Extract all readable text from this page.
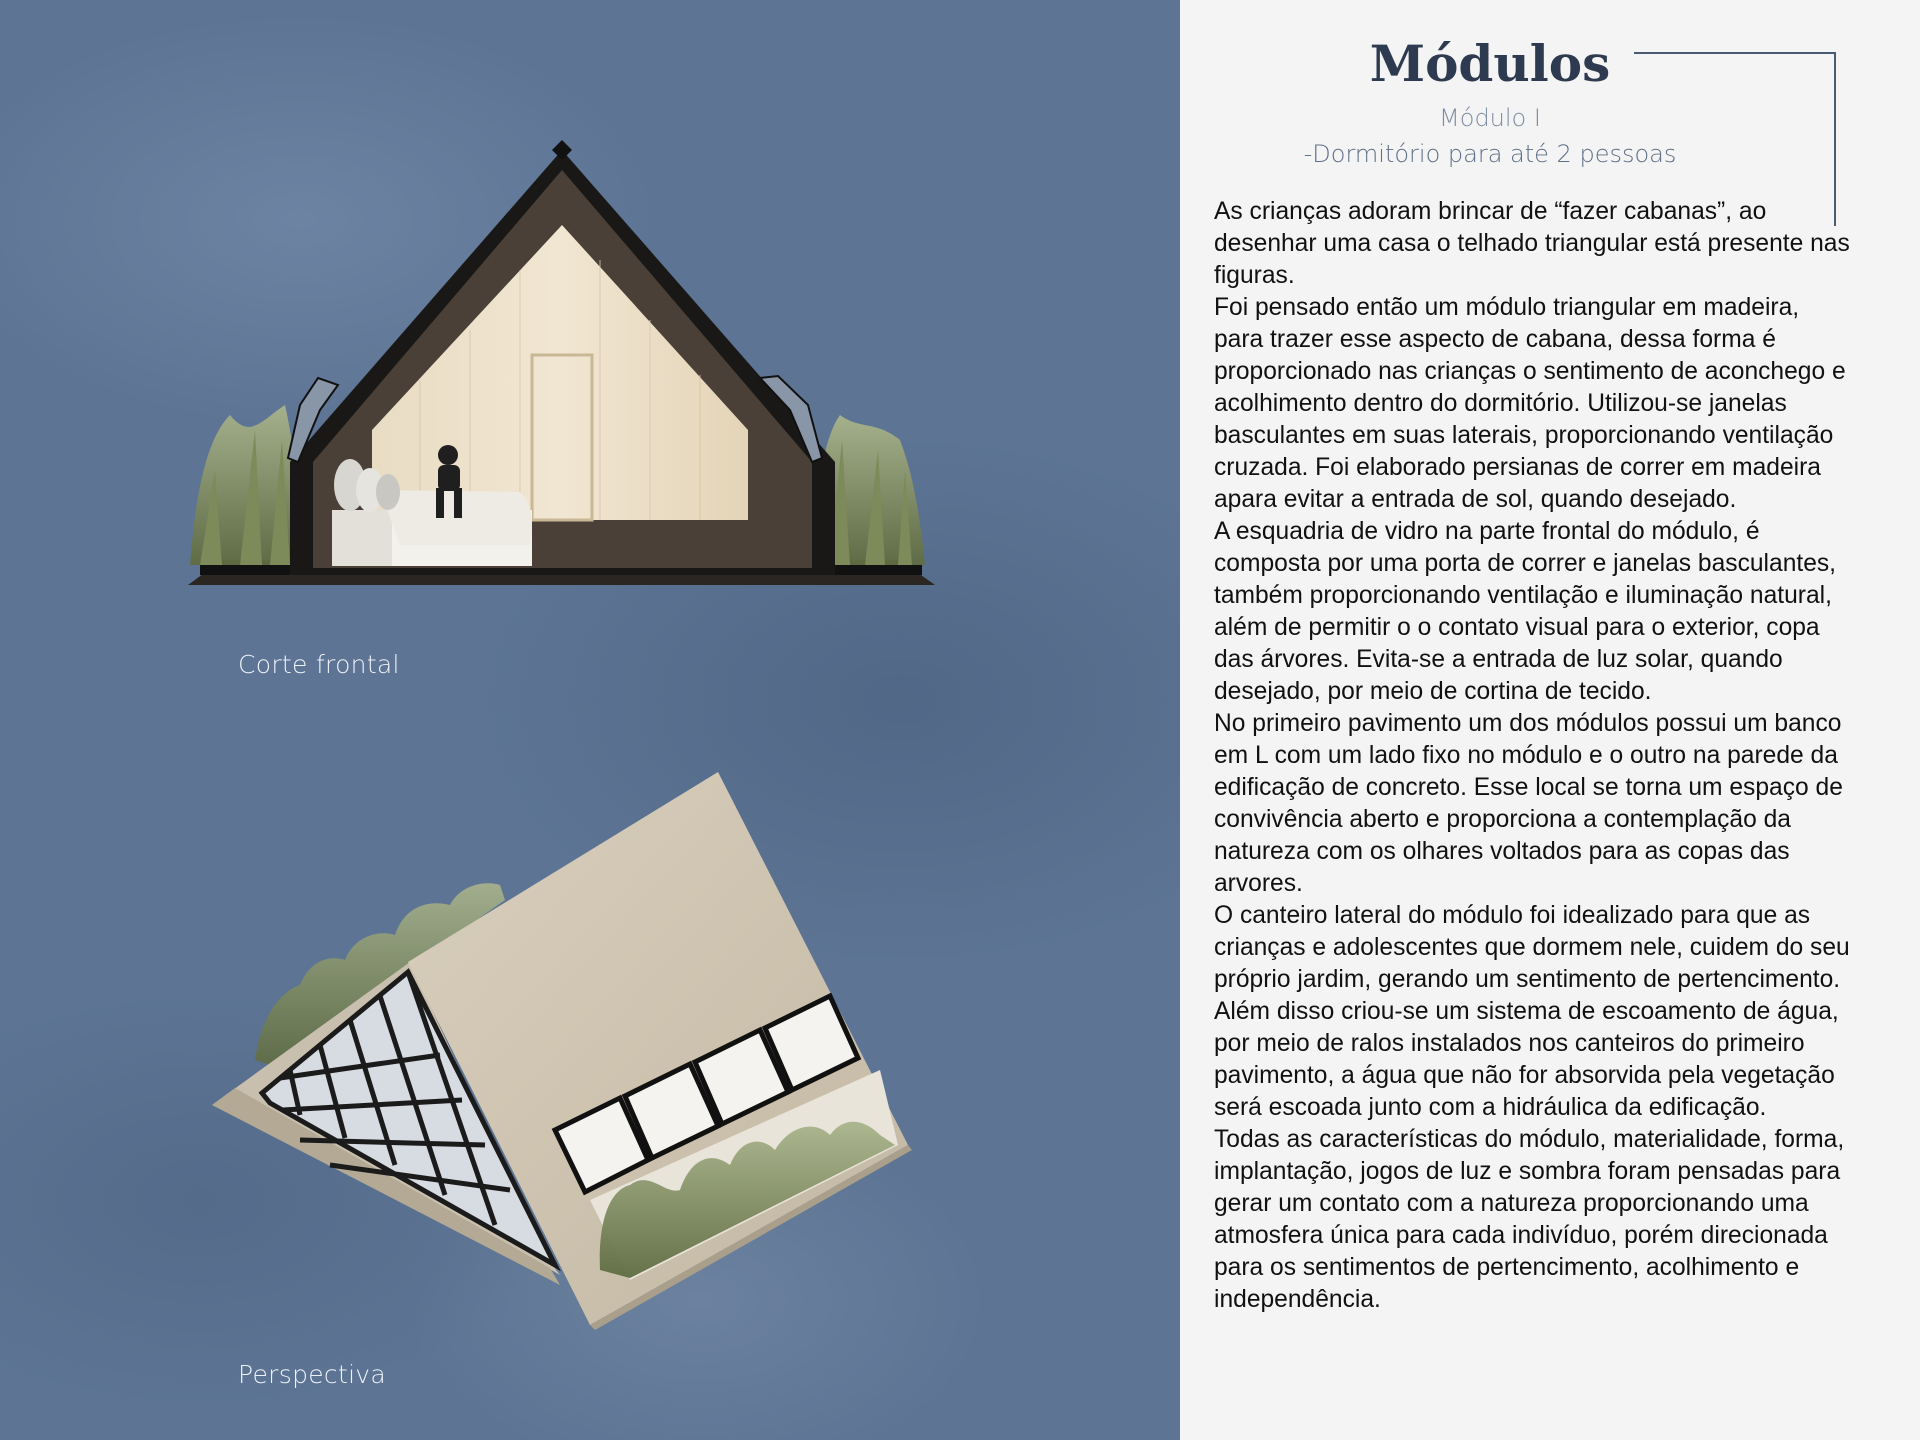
Corte frontal
Perspectiva
Módulos
Módulo I
-Dormitório para até 2 pessoas

As crianças adoram brincar de “fazer cabanas”, ao desenhar uma casa o telhado triangular está presente nas figuras.

Foi pensado então um módulo triangular em madeira, para trazer esse aspecto de cabana, dessa forma é proporcionado nas crianças o sentimento de aconchego e acolhimento dentro do dormitório. Utilizou-se janelas basculantes em suas laterais, proporcionando ventilação cruzada. Foi elaborado persianas de correr em madeira apara evitar a entrada de sol, quando desejado.

A esquadria de vidro na parte frontal do módulo, é composta por uma porta de correr e janelas basculantes, também proporcionando ventilação e iluminação natural, além de permitir o o contato visual para o exterior, copa das árvores. Evita-se a entrada de luz solar, quando desejado, por meio de cortina de tecido.

No primeiro pavimento um dos módulos possui um banco em L com um lado fixo no módulo e o outro na parede da edificação de concreto. Esse local se torna um espaço de convivência aberto e proporciona a contemplação da natureza com os olhares voltados para as copas das arvores.

O canteiro lateral do módulo foi idealizado para que as crianças e adolescentes que dormem nele, cuidem do seu próprio jardim, gerando um sentimento de pertencimento. Além disso criou-se um sistema de escoamento de água, por meio de ralos instalados nos canteiros do primeiro pavimento, a água que não for absorvida pela vegetação será escoada junto com a hidráulica da edificação.

Todas as características do módulo, materialidade, forma, implantação, jogos de luz e sombra foram pensadas para gerar um contato com a natureza proporcionando uma atmosfera única para cada indivíduo, porém direcionada para os sentimentos de pertencimento, acolhimento e independência.
